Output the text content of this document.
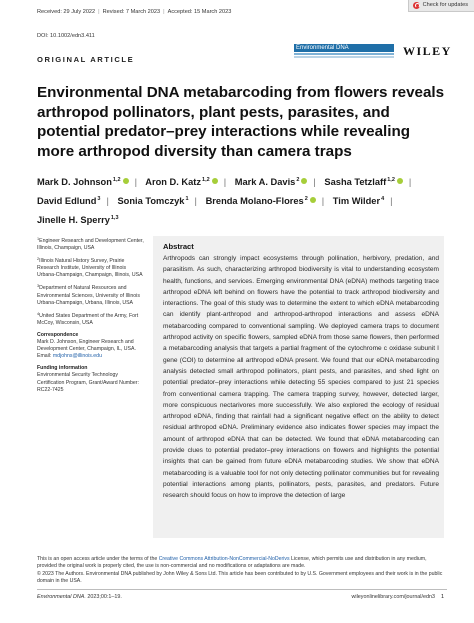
Received: 29 July 2022 | Revised: 7 March 2023 | Accepted: 15 March 2023
Check for updates
DOI: 10.1002/edn3.411
ORIGINAL ARTICLE
Environmental DNA	WILEY
Environmental DNA metabarcoding from flowers reveals arthropod pollinators, plant pests, parasites, and potential predator–prey interactions while revealing more arthropod diversity than camera traps
Mark D. Johnson$^{1,2}$ | Aron D. Katz$^{1,2}$ | Mark A. Davis$^2$ | Sasha Tetzlaff$^{1,2}$ |
David Edlund$^3$ | Sonia Tomczyk$^1$ | Brenda Molano-Flores$^2$ | Tim Wilder$^4$ |
Jinelle H. Sperry$^{1,3}$
$^1$Engineer Research and Development Center, Illinois, Champaign, USA
$^2$Illinois Natural History Survey, Prairie Research Institute, University of Illinois Urbana-Champaign, Champaign, Illinois, USA
$^3$Department of Natural Resources and Environmental Sciences, University of Illinois Urbana-Champaign, Urbana, Illinois, USA
$^4$United States Department of the Army, Fort McCoy, Wisconsin, USA
Correspondence
Mark D. Johnson, Engineer Research and Development Center, Champaign, IL, USA.
Email: mdjohns@illinois.edu
Funding information
Environmental Security Technology Certification Program, Grant/Award Number: RC22-7425
Abstract
Arthropods can strongly impact ecosystems through pollination, herbivory, predation, and parasitism. As such, characterizing arthropod biodiversity is vital to understanding ecosystem health, functions, and services. Emerging environmental DNA (eDNA) methods targeting trace arthropod eDNA left behind on flowers have the potential to track arthropod biodiversity and interactions. The goal of this study was to determine the extent to which eDNA metabarcoding can identify plant-arthropod and arthropod-arthropod interactions and assess eDNA metabarcoding compared to conventional sampling. We deployed camera traps to document arthropod activity on specific flowers, sampled eDNA from those same flowers, then performed a metabarcoding analysis that targets a partial fragment of the cytochrome c oxidase subunit I gene (COI) to determine all arthropod eDNA present. We found that our eDNA metabarcoding analysis detected small arthropod pollinators, plant pests, and parasites, and shed light on potential predator–prey interactions while detecting 55 species compared to just 21 species from conventional camera trapping. The camera trapping survey, however, detected larger, more conspicuous nectarivores more successfully. We also explored the ecology of residual arthropod eDNA, finding that rainfall had a significant negative effect on the ability to detect residual arthropod eDNA. Preliminary evidence also indicates flower species may impact the amount of arthropod eDNA that can be detected. We found that eDNA metabarcoding can provide clues to potential predator–prey interactions on flowers and highlights the potential insights that can be gained from future eDNA metabarcoding studies. We show that eDNA metabarcoding is a valuable tool for not only detecting pollinator communities but for revealing potential interactions among plants, pollinators, pests, parasites, and predators. Future research should focus on how to improve the detection of large
This is an open access article under the terms of the Creative Commons Attribution-NonCommercial-NoDerivs License, which permits use and distribution in any medium, provided the original work is properly cited, the use is non-commercial and no modifications or adaptations are made.
© 2023 The Authors. Environmental DNA published by John Wiley & Sons Ltd. This article has been contributed to by U.S. Government employees and their work is in the public domain in the USA.
Environmental DNA. 2023;00:1–19.	wileyonlinelibrary.com/journal/edn3 1
